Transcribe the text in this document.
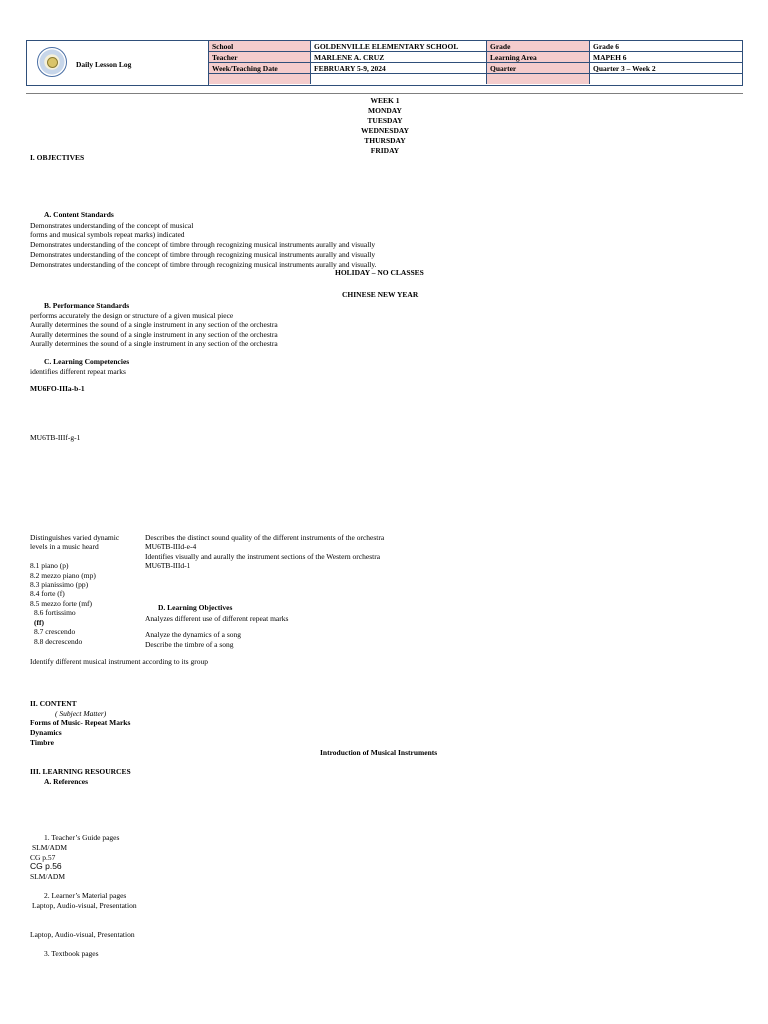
Daily Lesson Log
School	GOLDENVILLE ELEMENTARY SCHOOL	Grade	Grade 6
Teacher	MARLENE A. CRUZ	Learning Area	MAPEH 6
Week/Teaching Date	FEBRUARY 5-9, 2024	Quarter	Quarter 3 – Week 2

WEEK 1
MONDAY
TUESDAY
WEDNESDAY
THURSDAY
FRIDAY
I. OBJECTIVES
A. Content Standards
Demonstrates understanding of the concept of musical
forms and musical symbols repeat marks) indicated
Demonstrates understanding of the concept of timbre through recognizing musical instruments aurally and visually
Demonstrates understanding of the concept of timbre through recognizing musical instruments aurally and visually
Demonstrates understanding of the concept of timbre through recognizing musical instruments aurally and visually.
HOLIDAY – NO CLASSES
CHINESE NEW YEAR
B. Performance Standards
performs accurately the design or structure of a given musical piece
Aurally determines the sound of a single instrument in any section of the orchestra
Aurally determines the sound of a single instrument in any section of the orchestra
Aurally determines the sound of a single instrument in any section of the orchestra
C. Learning Competencies
identifies different repeat marks
MU6FO-IIIa-b-1
MU6TB-IIIf-g-1
Distinguishes varied dynamic
levels in a music heard
8.1 piano (p)
8.2 mezzo piano (mp)
8.3 pianissimo (pp)
8.4 forte (f)
8.5 mezzo forte (mf)
8.6 fortissimo
(ff)
8.7 crescendo
8.8 decrescendo
Describes the distinct sound quality of the different instruments of the orchestra
MU6TB-IIId-e-4
Identifies visually and aurally the instrument sections of the Western orchestra
MU6TB-IIId-1
D. Learning Objectives
Analyzes different use of different repeat marks
Analyze the dynamics of a song
Describe the timbre of a song
Identify different musical instrument according to its group
II. CONTENT
( Subject Matter)
Forms of Music- Repeat Marks
Dynamics
Timbre
Introduction of Musical Instruments
III. LEARNING RESOURCES
A. References
1. Teacher’s Guide pages
SLM/ADM
CG p.57
CG p.56
SLM/ADM
2. Learner’s Material pages
Laptop, Audio-visual, Presentation
Laptop, Audio-visual, Presentation
3. Textbook pages
